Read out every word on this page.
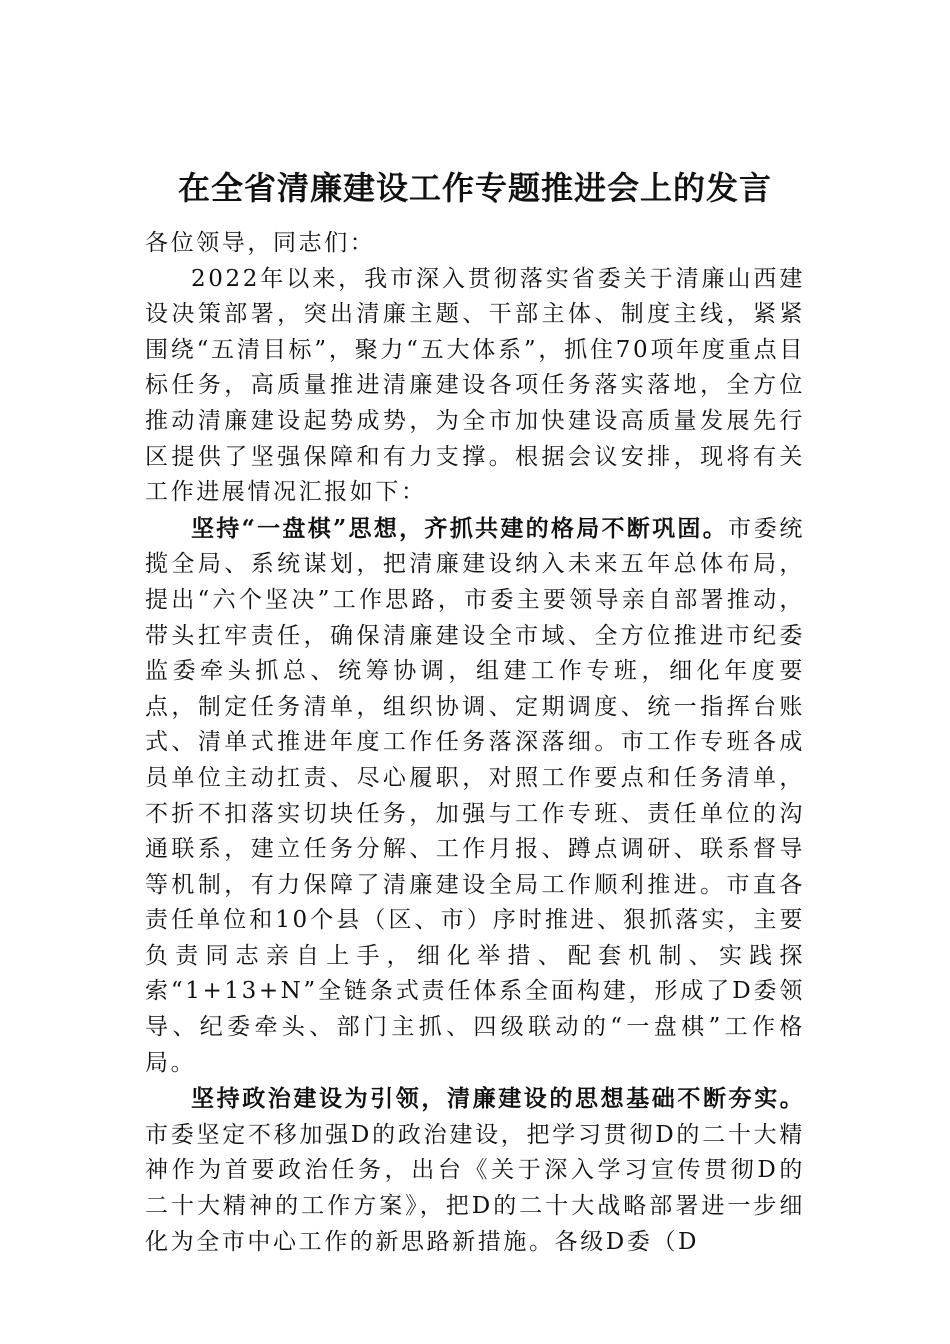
在全省清廉建设工作专题推进会上的发言

各位领导，同志们：

2022年以来，我市深入贯彻落实省委关于清廉山西建设决策部署，突出清廉主题、干部主体、制度主线，紧紧围绕“五清目标”，聚力“五大体系”，抓住70项年度重点目标任务，高质量推进清廉建设各项任务落实落地，全方位推动清廉建设起势成势，为全市加快建设高质量发展先行区提供了坚强保障和有力支撑。根据会议安排，现将有关工作进展情况汇报如下：

坚持“一盘棋”思想，齐抓共建的格局不断巩固。市委统揽全局、系统谋划，把清廉建设纳入未来五年总体布局，提出“六个坚决”工作思路，市委主要领导亲自部署推动，带头扛牢责任，确保清廉建设全市域、全方位推进市纪委监委牵头抓总、统筹协调，组建工作专班，细化年度要点，制定任务清单，组织协调、定期调度、统一指挥台账式、清单式推进年度工作任务落深落细。市工作专班各成员单位主动扛责、尽心履职，对照工作要点和任务清单，不折不扣落实切块任务，加强与工作专班、责任单位的沟通联系，建立任务分解、工作月报、蹲点调研、联系督导等机制，有力保障了清廉建设全局工作顺利推进。市直各责任单位和10个县（区、市）序时推进、狠抓落实，主要负责同志亲自上手，细化举措、配套机制、实践探索“1+13+N”全链条式责任体系全面构建，形成了D委领导、纪委牵头、部门主抓、四级联动的“一盘棋”工作格局。

坚持政治建设为引领，清廉建设的思想基础不断夯实。市委坚定不移加强D的政治建设，把学习贯彻D的二十大精神作为首要政治任务，出台《关于深入学习宣传贯彻D的二十大精神的工作方案》，把D的二十大战略部署进一步细化为全市中心工作的新思路新措施。各级D委（D
